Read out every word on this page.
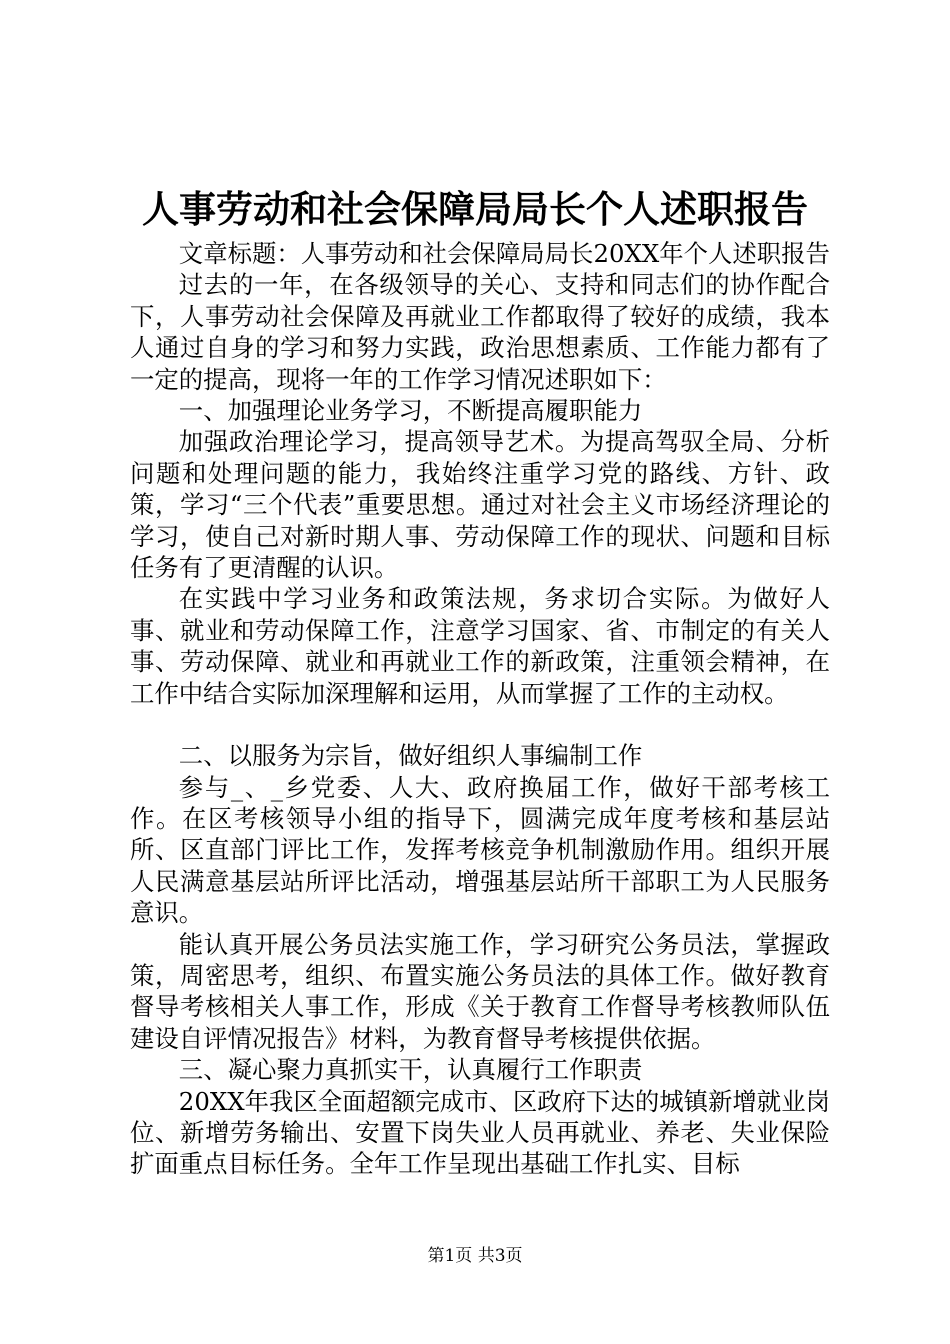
人事劳动和社会保障局局长个人述职报告

文章标题：人事劳动和社会保障局局长20XX年个人述职报告

过去的一年，在各级领导的关心、支持和同志们的协作配合下，人事劳动社会保障及再就业工作都取得了较好的成绩，我本人通过自身的学习和努力实践，政治思想素质、工作能力都有了一定的提高，现将一年的工作学习情况述职如下：

一、加强理论业务学习，不断提高履职能力

加强政治理论学习，提高领导艺术。为提高驾驭全局、分析问题和处理问题的能力，我始终注重学习党的路线、方针、政策，学习“三个代表”重要思想。通过对社会主义市场经济理论的学习，使自己对新时期人事、劳动保障工作的现状、问题和目标任务有了更清醒的认识。

在实践中学习业务和政策法规，务求切合实际。为做好人事、就业和劳动保障工作，注意学习国家、省、市制定的有关人事、劳动保障、就业和再就业工作的新政策，注重领会精神，在工作中结合实际加深理解和运用，从而掌握了工作的主动权。

二、以服务为宗旨，做好组织人事编制工作

参与_、_乡党委、人大、政府换届工作，做好干部考核工作。在区考核领导小组的指导下，圆满完成年度考核和基层站所、区直部门评比工作，发挥考核竞争机制激励作用。组织开展人民满意基层站所评比活动，增强基层站所干部职工为人民服务意识。

能认真开展公务员法实施工作，学习研究公务员法，掌握政策，周密思考，组织、布置实施公务员法的具体工作。做好教育督导考核相关人事工作，形成《关于教育工作督导考核教师队伍建设自评情况报告》材料，为教育督导考核提供依据。

三、凝心聚力真抓实干，认真履行工作职责

20XX年我区全面超额完成市、区政府下达的城镇新增就业岗位、新增劳务输出、安置下岗失业人员再就业、养老、失业保险扩面重点目标任务。全年工作呈现出基础工作扎实、目标

第1页 共3页
